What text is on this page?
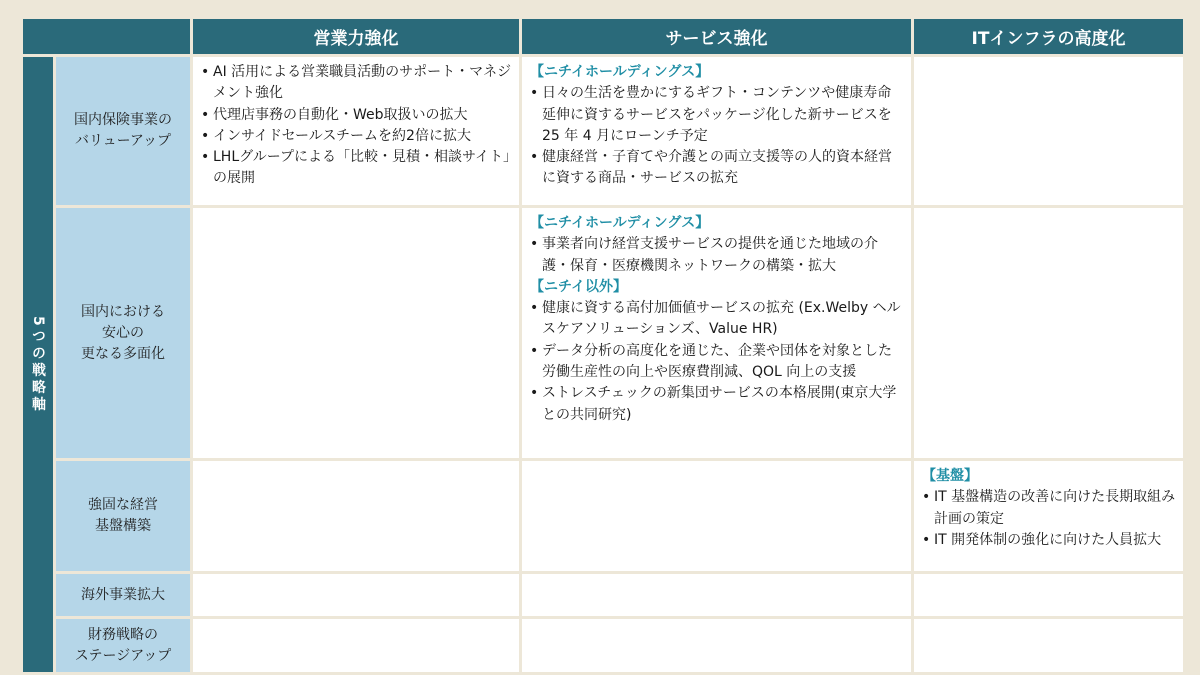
営業力強化	サービス強化	ITインフラの高度化
5つの戦略軸
国内保険事業の
バリューアップ
国内における
安心の
更なる多面化
強固な経営
基盤構築
海外事業拡大
財務戦略の
ステージアップ
• AI 活用による営業職員活動のサポート・マネジメント強化
• 代理店事務の自動化・Web取扱いの拡大
• インサイドセールスチームを約2倍に拡大
• LHLグループによる「比較・見積・相談サイト」の展開
【ニチイホールディングス】
• 日々の生活を豊かにするギフト・コンテンツや健康寿命延伸に資するサービスをパッケージ化した新サービスを 25 年 4 月にローンチ予定
• 健康経営・子育てや介護との両立支援等の人的資本経営に資する商品・サービスの拡充
【ニチイホールディングス】
• 事業者向け経営支援サービスの提供を通じた地域の介護・保育・医療機関ネットワークの構築・拡大
【ニチイ以外】
• 健康に資する高付加価値サービスの拡充 (Ex.Welby ヘルスケアソリューションズ、Value HR)
• データ分析の高度化を通じた、企業や団体を対象とした労働生産性の向上や医療費削減、QOL 向上の支援
• ストレスチェックの新集団サービスの本格展開(東京大学との共同研究)
【基盤】
• IT 基盤構造の改善に向けた長期取組み計画の策定
• IT 開発体制の強化に向けた人員拡大
